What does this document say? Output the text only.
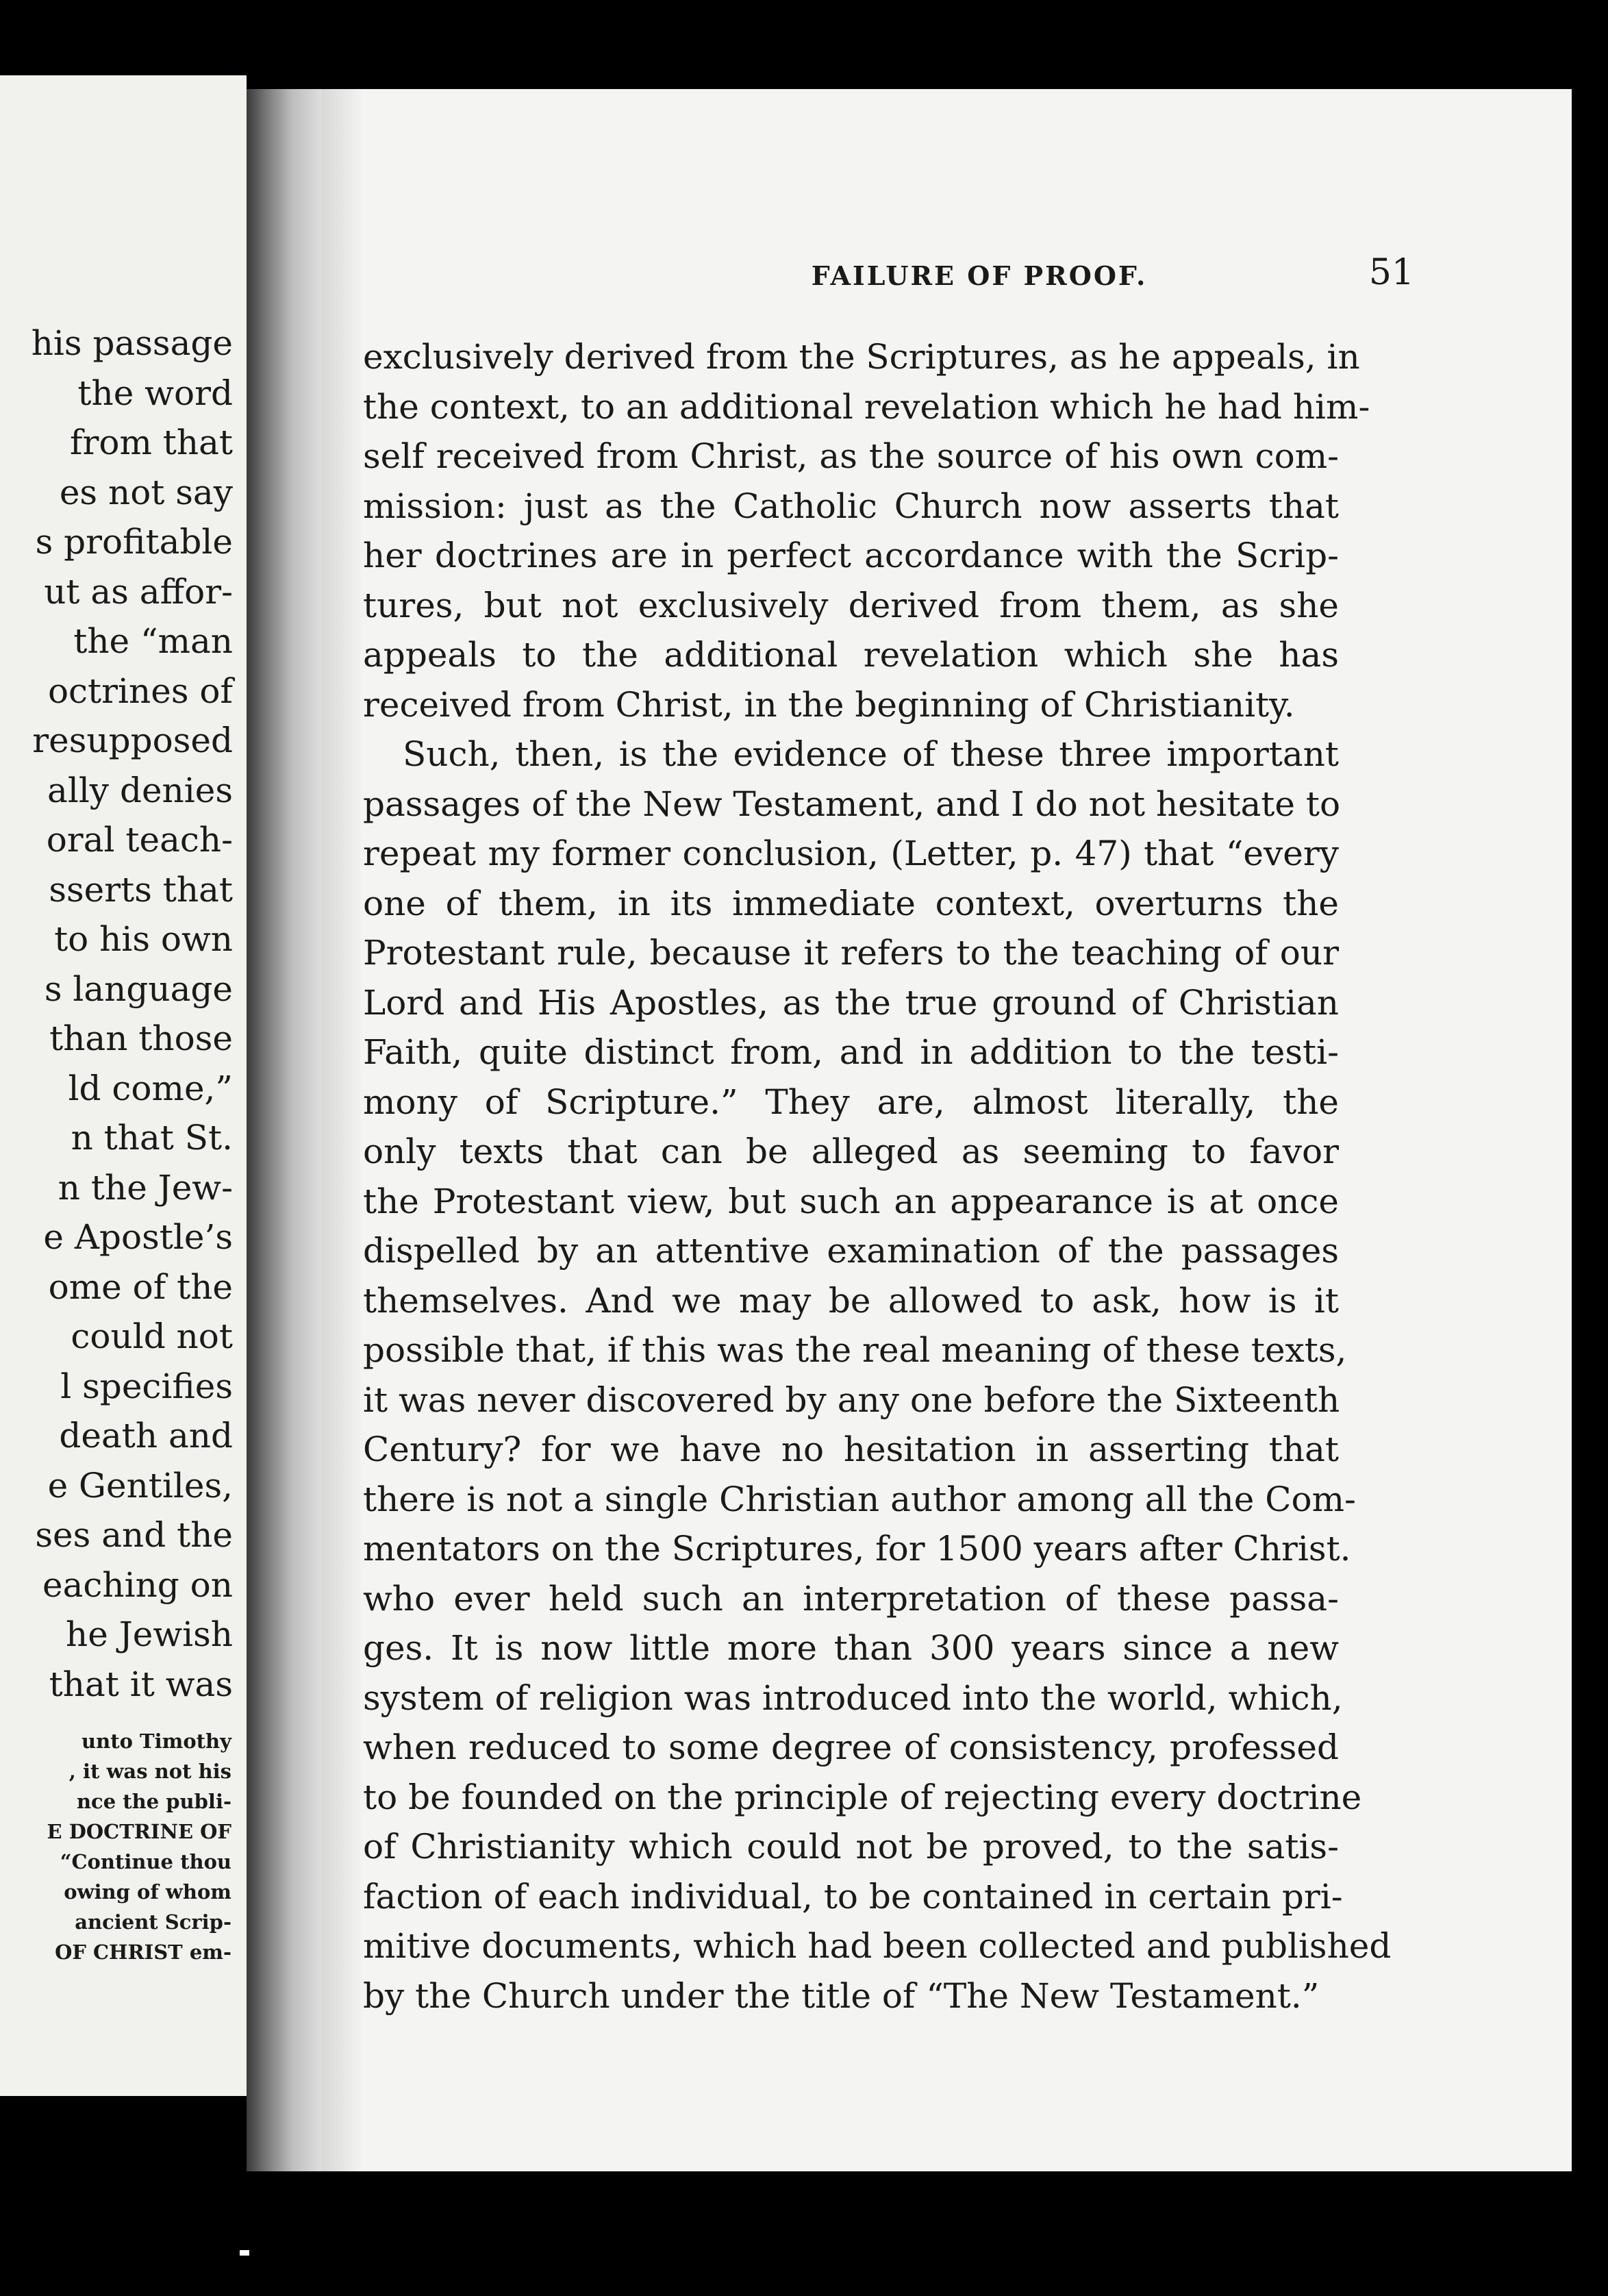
his passage
the word
from that
es not say
s profitable
ut as affor-
the “man
octrines of
resupposed
ally denies
oral teach-
sserts that
to his own
s language
than those
ld come,”
n that St.
n the Jew-
e Apostle’s
ome of the
could not
l specifies
death and
e Gentiles,
ses and the
eaching on
he Jewish
that it was
unto Timothy
, it was not his
nce the publi-
E DOCTRINE OF
“Continue thou
owing of whom
ancient Scrip-
OF CHRIST em-
FAILURE OF PROOF.	51
exclusively derived from the Scriptures, as he appeals, in
the context, to an additional revelation which he had him-
self received from Christ, as the source of his own com-
mission: just as the Catholic Church now asserts that
her doctrines are in perfect accordance with the Scrip-
tures, but not exclusively derived from them, as she
appeals to the additional revelation which she has
received from Christ, in the beginning of Christianity.
Such, then, is the evidence of these three important
passages of the New Testament, and I do not hesitate to
repeat my former conclusion, (Letter, p. 47) that “every
one of them, in its immediate context, overturns the
Protestant rule, because it refers to the teaching of our
Lord and His Apostles, as the true ground of Christian
Faith, quite distinct from, and in addition to the testi-
mony of Scripture.” They are, almost literally, the
only texts that can be alleged as seeming to favor
the Protestant view, but such an appearance is at once
dispelled by an attentive examination of the passages
themselves. And we may be allowed to ask, how is it
possible that, if this was the real meaning of these texts,
it was never discovered by any one before the Sixteenth
Century? for we have no hesitation in asserting that
there is not a single Christian author among all the Com-
mentators on the Scriptures, for 1500 years after Christ.
who ever held such an interpretation of these passa-
ges. It is now little more than 300 years since a new
system of religion was introduced into the world, which,
when reduced to some degree of consistency, professed
to be founded on the principle of rejecting every doctrine
of Christianity which could not be proved, to the satis-
faction of each individual, to be contained in certain pri-
mitive documents, which had been collected and published
by the Church under the title of “The New Testament.”
